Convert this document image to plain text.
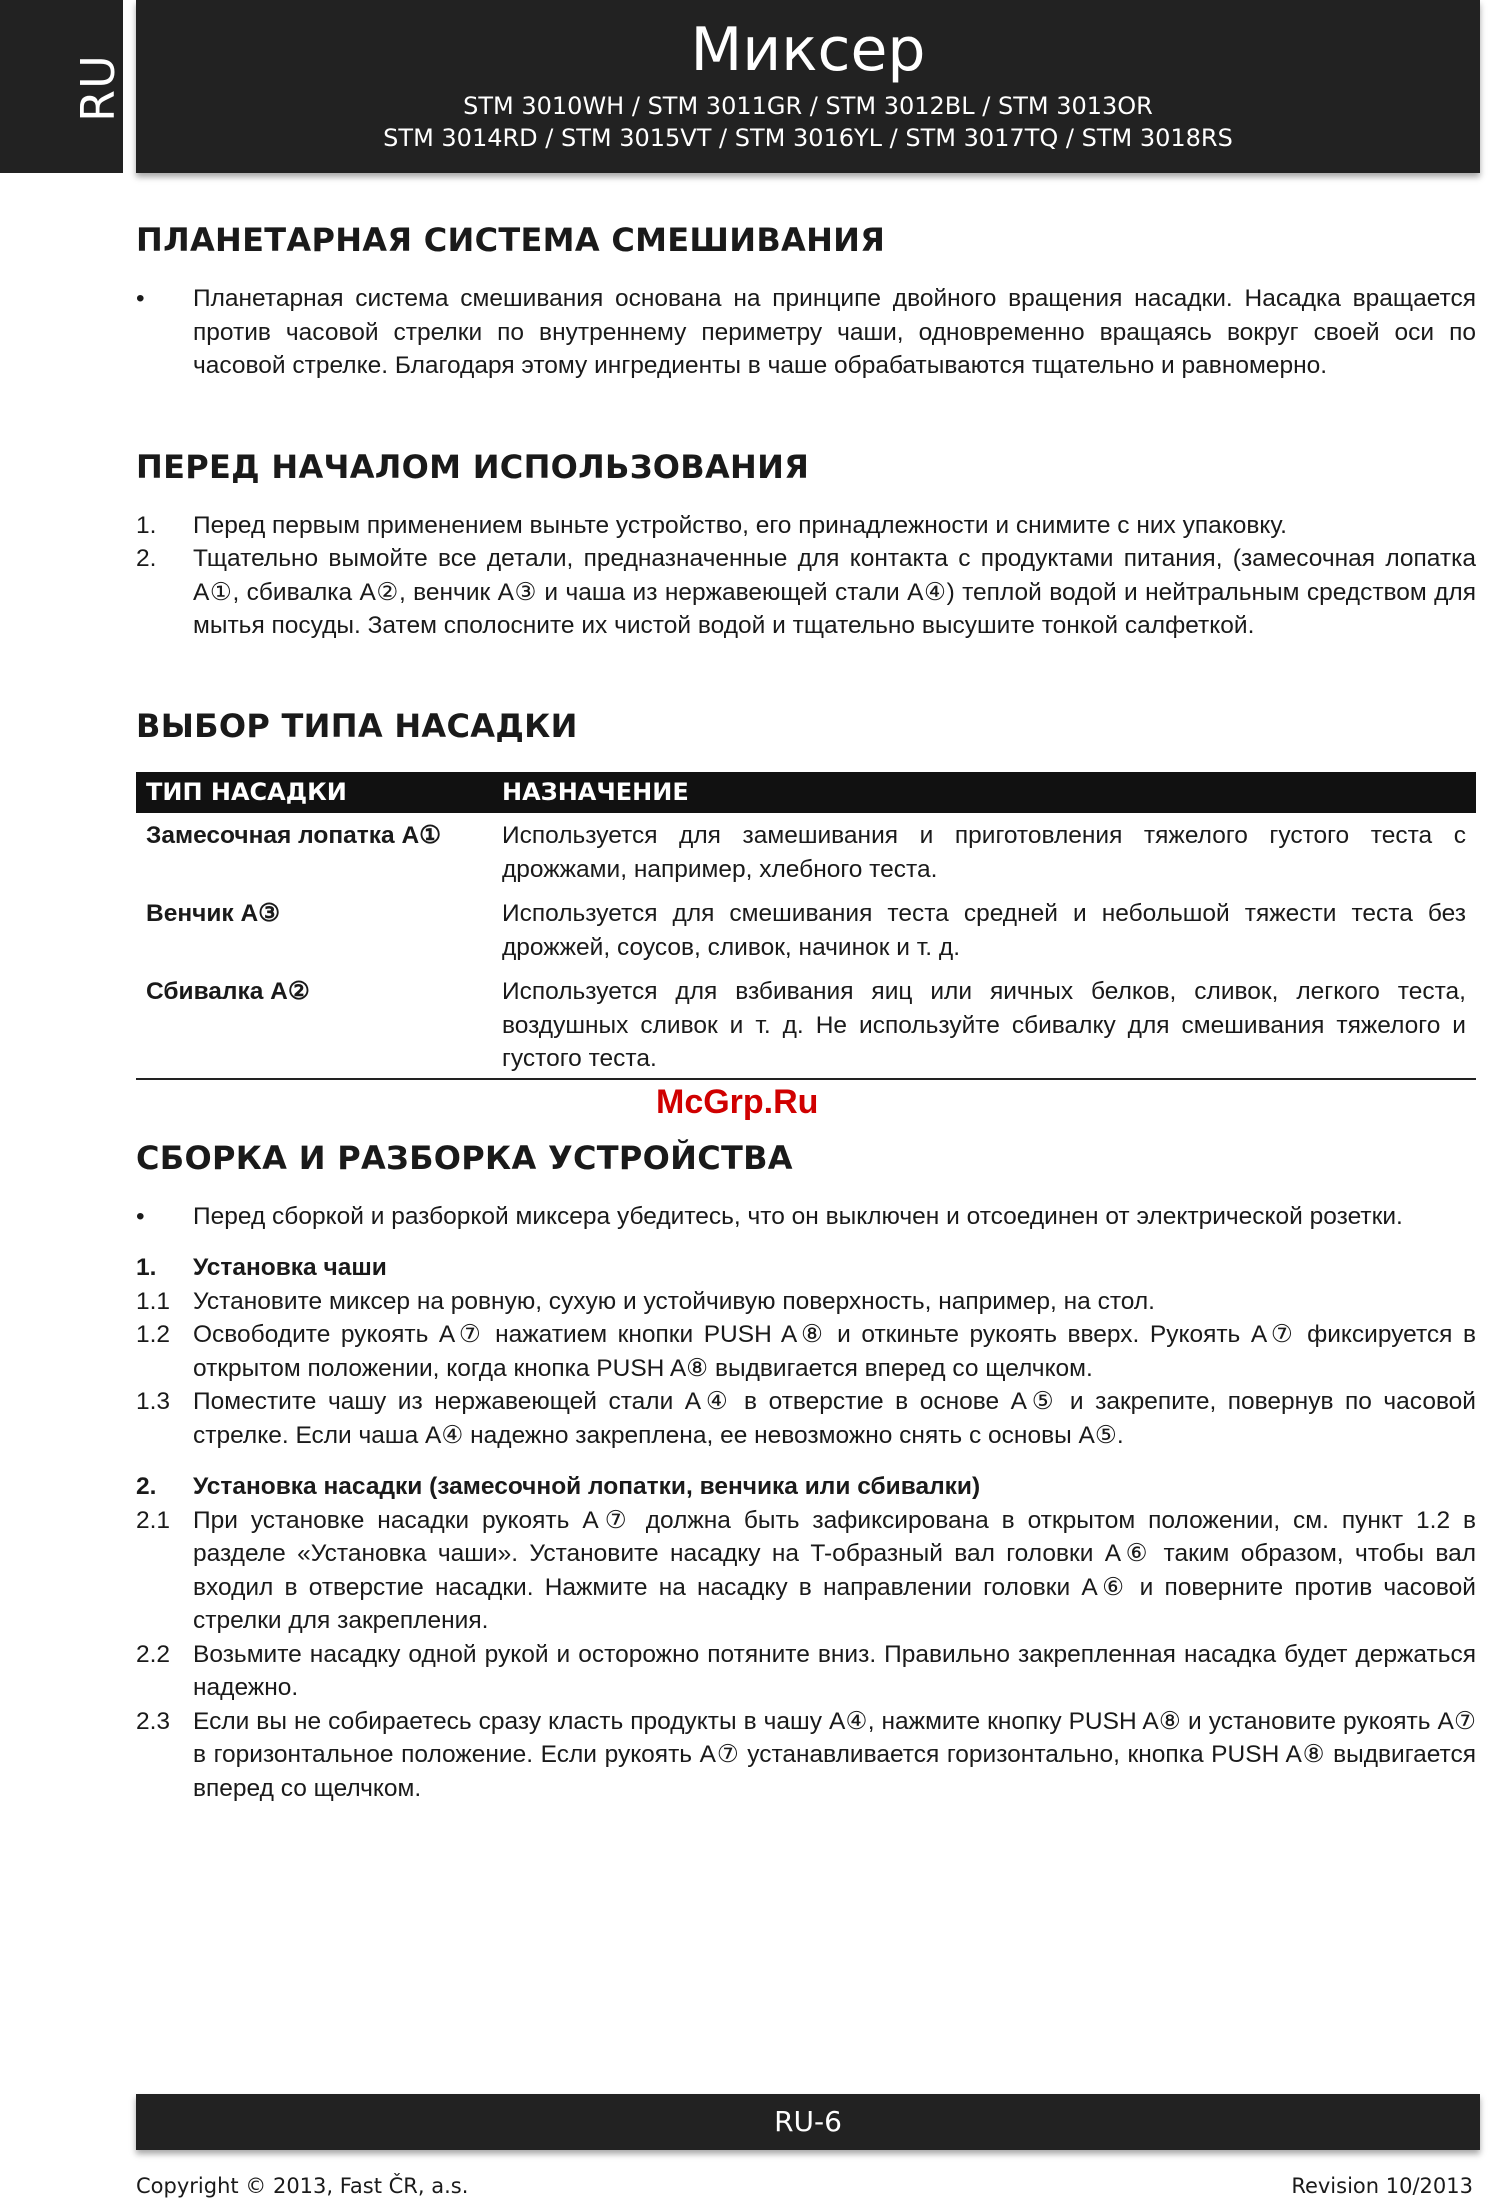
RU
Миксер
STM 3010WH / STM 3011GR / STM 3012BL / STM 3013OR
STM 3014RD / STM 3015VT / STM 3016YL / STM 3017TQ / STM 3018RS
ПЛАНЕТАРНАЯ СИСТЕМА СМЕШИВАНИЯ
• Планетарная система смешивания основана на принципе двойного вращения насадки. Насадка вращается против часовой стрелки по внутреннему периметру чаши, одновременно вращаясь вокруг своей оси по часовой стрелке. Благодаря этому ингредиенты в чаше обрабатываются тщательно и равномерно.
ПЕРЕД НАЧАЛОМ ИСПОЛЬЗОВАНИЯ
1. Перед первым применением выньте устройство, его принадлежности и снимите с них упаковку.
2. Тщательно вымойте все детали, предназначенные для контакта с продуктами питания, (замесочная лопатка A①, сбивалка A②, венчик A③ и чаша из нержавеющей стали A④) теплой водой и нейтральным средством для мытья посуды. Затем сполосните их чистой водой и тщательно высушите тонкой салфеткой.
ВЫБОР ТИПА НАСАДКИ
ТИП НАСАДКИ	НАЗНАЧЕНИЕ
Замесочная лопатка A①	Используется для замешивания и приготовления тяжелого густого теста с дрожжами, например, хлебного теста.
Венчик A③	Используется для смешивания теста средней и небольшой тяжести теста без дрожжей, соусов, сливок, начинок и т. д.
Сбивалка A②	Используется для взбивания яиц или яичных белков, сливок, легкого теста, воздушных сливок и т. д. Не используйте сбивалку для смешивания тяжелого и густого теста.
СБОРКА И РАЗБОРКА УСТРОЙСТВА
• Перед сборкой и разборкой миксера убедитесь, что он выключен и отсоединен от электрической розетки.
1. Установка чаши
1.1 Установите миксер на ровную, сухую и устойчивую поверхность, например, на стол.
1.2 Освободите рукоять A⑦ нажатием кнопки PUSH A⑧ и откиньте рукоять вверх. Рукоять A⑦ фиксируется в открытом положении, когда кнопка PUSH A⑧ выдвигается вперед со щелчком.
1.3 Поместите чашу из нержавеющей стали A④ в отверстие в основе A⑤ и закрепите, повернув по часовой стрелке. Если чаша A④ надежно закреплена, ее невозможно снять с основы A⑤.
2. Установка насадки (замесочной лопатки, венчика или сбивалки)
2.1 При установке насадки рукоять A⑦ должна быть зафиксирована в открытом положении, см. пункт 1.2 в разделе «Установка чаши». Установите насадку на T-образный вал головки A⑥ таким образом, чтобы вал входил в отверстие насадки. Нажмите на насадку в направлении головки A⑥ и поверните против часовой стрелки для закрепления.
2.2 Возьмите насадку одной рукой и осторожно потяните вниз. Правильно закрепленная насадка будет держаться надежно.
2.3 Если вы не собираетесь сразу класть продукты в чашу A④, нажмите кнопку PUSH A⑧ и установите рукоять A⑦ в горизонтальное положение. Если рукоять A⑦ устанавливается горизонтально, кнопка PUSH A⑧ выдвигается вперед со щелчком.
McGrp.Ru
RU-6
Copyright © 2013, Fast ČR, a.s.	Revision 10/2013
